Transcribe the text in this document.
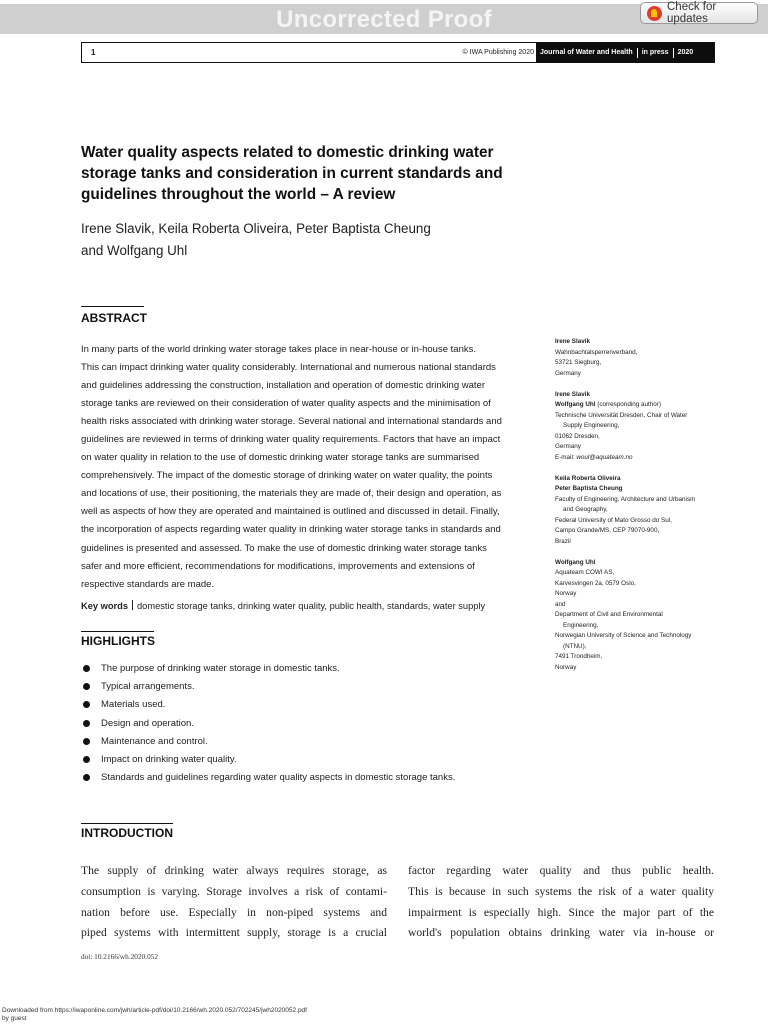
Uncorrected Proof	Check for updates
1	© IWA Publishing 2020 Journal of Water and Health in press 2020
Water quality aspects related to domestic drinking water
storage tanks and consideration in current standards and
guidelines throughout the world – A review
Irene Slavik, Keila Roberta Oliveira, Peter Baptista Cheung
and Wolfgang Uhl
ABSTRACT
In many parts of the world drinking water storage takes place in near-house or in-house tanks.
This can impact drinking water quality considerably. International and numerous national standards
and guidelines addressing the construction, installation and operation of domestic drinking water
storage tanks are reviewed on their consideration of water quality aspects and the minimisation of
health risks associated with drinking water storage. Several national and international standards and
guidelines are reviewed in terms of drinking water quality requirements. Factors that have an impact
on water quality in relation to the use of domestic drinking water storage tanks are summarised
comprehensively. The impact of the domestic storage of drinking water on water quality, the points
and locations of use, their positioning, the materials they are made of, their design and operation, as
well as aspects of how they are operated and maintained is outlined and discussed in detail. Finally,
the incorporation of aspects regarding water quality in drinking water storage tanks in standards and
guidelines is presented and assessed. To make the use of domestic drinking water storage tanks
safer and more efficient, recommendations for modifications, improvements and extensions of
respective standards are made.
Key words domestic storage tanks, drinking water quality, public health, standards, water supply
HIGHLIGHTS
The purpose of drinking water storage in domestic tanks.
Typical arrangements.
Materials used.
Design and operation.
Maintenance and control.
Impact on drinking water quality.
Standards and guidelines regarding water quality aspects in domestic storage tanks.
Irene Slavik
Wahnbachtalsperrenverband,
53721 Siegburg,
Germany
Irene Slavik
Wolfgang Uhl (corresponding author)
Technische Universität Dresden, Chair of Water
Supply Engineering,
01062 Dresden,
Germany
E-mail: woul@aquateam.no
Keila Roberta Oliveira
Peter Baptista Cheung
Faculty of Engineering, Architecture and Urbanism
and Geography,
Federal University of Mato Grosso do Sul,
Campo Grande/MS, CEP 79070-900,
Brazil
Wolfgang Uhl
Aquateam COWI AS,
Karvesvingen 2a, 0579 Oslo,
Norway
and
Department of Civil and Environmental
Engineering,
Norwegian University of Science and Technology
(NTNU),
7491 Trondheim,
Norway
INTRODUCTION
The supply of drinking water always requires storage, as
consumption is varying. Storage involves a risk of contami-
nation before use. Especially in non-piped systems and
piped systems with intermittent supply, storage is a crucial
factor regarding water quality and thus public health.
This is because in such systems the risk of a water quality
impairment is especially high. Since the major part of the
world's population obtains drinking water via in-house or
doi: 10.2166/wh.2020.052
Downloaded from https://iwaponline.com/jwh/article-pdf/doi/10.2166/wh.2020.052/702245/jwh2020052.pdf
by guest
